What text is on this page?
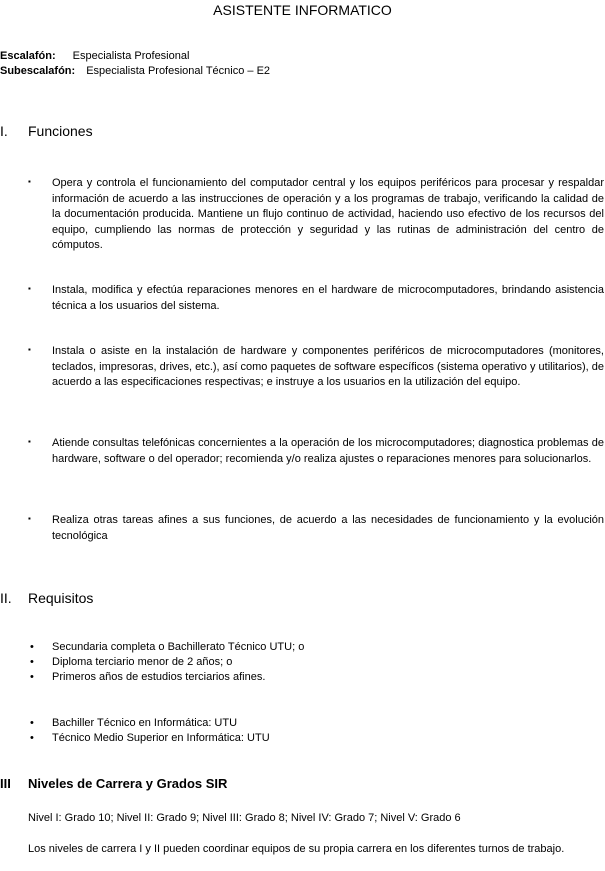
ASISTENTE INFORMATICO
Escalafón: Especialista Profesional
Subescalafón: Especialista Profesional Técnico – E2
I. Funciones
▪ Opera y controla el funcionamiento del computador central y los equipos periféricos para procesar y respaldar información de acuerdo a las instrucciones de operación y a los programas de trabajo, verificando la calidad de la documentación producida. Mantiene un flujo continuo de actividad, haciendo uso efectivo de los recursos del equipo, cumpliendo las normas de protección y seguridad y las rutinas de administración del centro de cómputos.
▪ Instala, modifica y efectúa reparaciones menores en el hardware de microcomputadores, brindando asistencia técnica a los usuarios del sistema.
▪ Instala o asiste en la instalación de hardware y componentes periféricos de microcomputadores (monitores, teclados, impresoras, drives, etc.), así como paquetes de software específicos (sistema operativo y utilitarios), de acuerdo a las especificaciones respectivas; e instruye a los usuarios en la utilización del equipo.
▪ Atiende consultas telefónicas concernientes a la operación de los microcomputadores; diagnostica problemas de hardware, software o del operador; recomienda y/o realiza ajustes o reparaciones menores para solucionarlos.
▪ Realiza otras tareas afines a sus funciones, de acuerdo a las necesidades de funcionamiento y la evolución tecnológica
II. Requisitos
• Secundaria completa o Bachillerato Técnico UTU; o
• Diploma terciario menor de 2 años; o
• Primeros años de estudios terciarios afines.
• Bachiller Técnico en Informática: UTU
• Técnico Medio Superior en Informática: UTU
III Niveles de Carrera y Grados SIR
Nivel I: Grado 10; Nivel II: Grado 9; Nivel III: Grado 8; Nivel IV: Grado 7; Nivel V: Grado 6
Los niveles de carrera I y II pueden coordinar equipos de su propia carrera en los diferentes turnos de trabajo.
